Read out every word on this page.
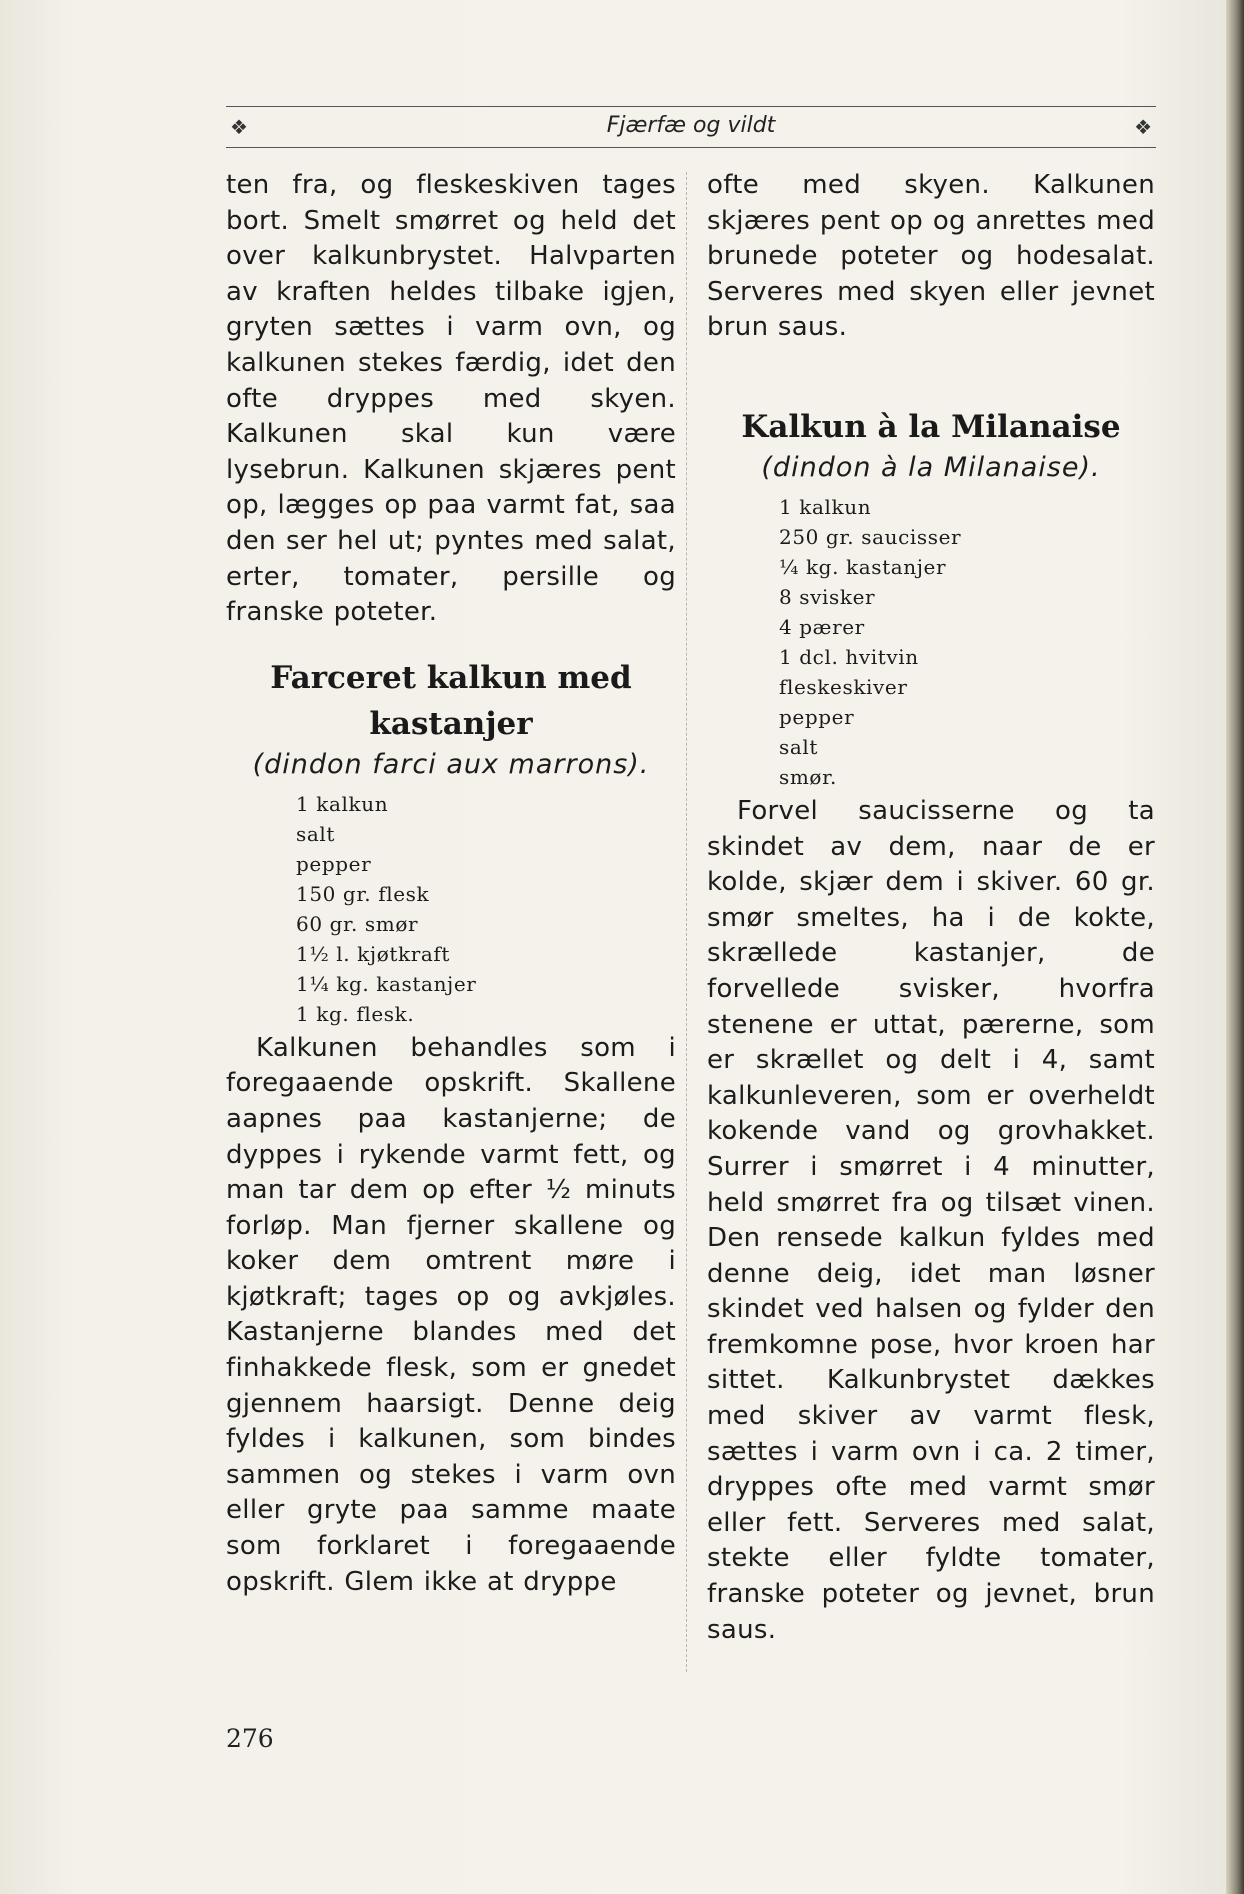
❖	Fjærfæ og vildt	❖

ten fra, og fleskeskiven tages bort. Smelt smørret og held det over kalkunbrystet. Halvparten av kraften heldes tilbake igjen, gryten sættes i varm ovn, og kalkunen stekes færdig, idet den ofte dryppes med skyen. Kalkunen skal kun være lysebrun. Kalkunen skjæres pent op, lægges op paa varmt fat, saa den ser hel ut; pyntes med salat, erter, tomater, persille og franske poteter.

Farceret kalkun med
kastanjer

(dindon farci aux marrons).

1 kalkun
salt
pepper
150 gr. flesk
60 gr. smør
1½ l. kjøtkraft
1¼ kg. kastanjer
1 kg. flesk.

Kalkunen behandles som i foregaaende opskrift. Skallene aapnes paa kastanjerne; de dyppes i rykende varmt fett, og man tar dem op efter ½ minuts forløp. Man fjerner skallene og koker dem omtrent møre i kjøtkraft; tages op og avkjøles. Kastanjerne blandes med det finhakkede flesk, som er gnedet gjennem haarsigt. Denne deig fyldes i kalkunen, som bindes sammen og stekes i varm ovn eller gryte paa samme maate som forklaret i foregaaende opskrift. Glem ikke at dryppe

ofte med skyen. Kalkunen skjæres pent op og anrettes med brunede poteter og hodesalat. Serveres med skyen eller jevnet brun saus.

Kalkun à la Milanaise

(dindon à la Milanaise).

1 kalkun
250 gr. saucisser
¼ kg. kastanjer
8 svisker
4 pærer
1 dcl. hvitvin
fleskeskiver
pepper
salt
smør.

Forvel saucisserne og ta skindet av dem, naar de er kolde, skjær dem i skiver. 60 gr. smør smeltes, ha i de kokte, skrællede kastanjer, de forvellede svisker, hvorfra stenene er uttat, pærerne, som er skrællet og delt i 4, samt kalkunleveren, som er overheldt kokende vand og grovhakket. Surrer i smørret i 4 minutter, held smørret fra og tilsæt vinen. Den rensede kalkun fyldes med denne deig, idet man løsner skindet ved halsen og fylder den fremkomne pose, hvor kroen har sittet. Kalkunbrystet dækkes med skiver av varmt flesk, sættes i varm ovn i ca. 2 timer, dryppes ofte med varmt smør eller fett. Serveres med salat, stekte eller fyldte tomater, franske poteter og jevnet, brun saus.

276
